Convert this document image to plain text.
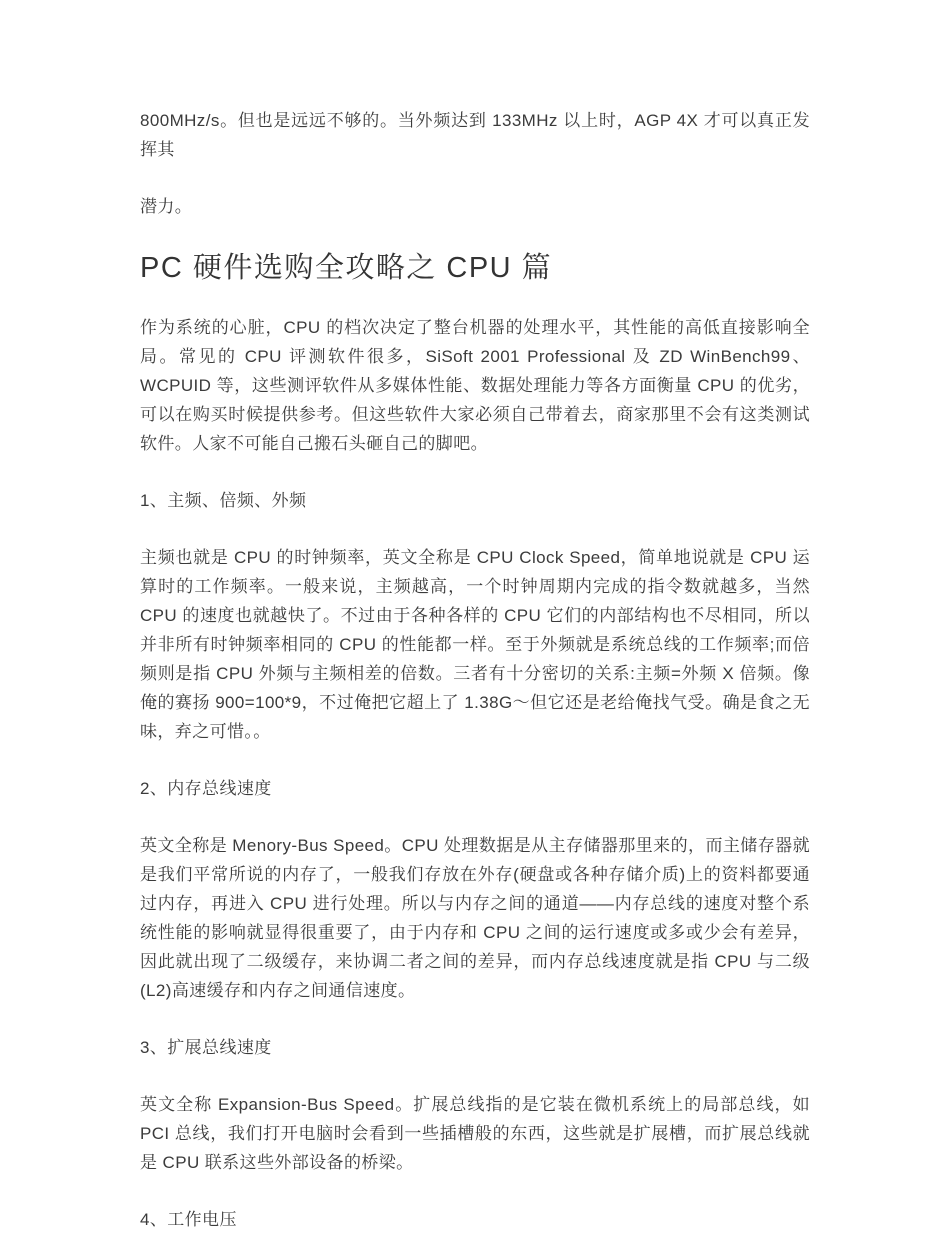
800MHz/s。但也是远远不够的。当外频达到 133MHz 以上时，AGP 4X 才可以真正发挥其

潜力。

PC 硬件选购全攻略之 CPU 篇

作为系统的心脏，CPU 的档次决定了整台机器的处理水平，其性能的高低直接影响全局。常见的 CPU 评测软件很多，SiSoft 2001 Professional 及 ZD WinBench99、WCPUID 等，这些测评软件从多媒体性能、数据处理能力等各方面衡量 CPU 的优劣，可以在购买时候提供参考。但这些软件大家必须自己带着去，商家那里不会有这类测试软件。人家不可能自己搬石头砸自己的脚吧。

1、主频、倍频、外频

主频也就是 CPU 的时钟频率，英文全称是 CPU Clock Speed，简单地说就是 CPU 运算时的工作频率。一般来说，主频越高，一个时钟周期内完成的指令数就越多，当然 CPU 的速度也就越快了。不过由于各种各样的 CPU 它们的内部结构也不尽相同，所以并非所有时钟频率相同的 CPU 的性能都一样。至于外频就是系统总线的工作频率;而倍频则是指 CPU 外频与主频相差的倍数。三者有十分密切的关系:主频=外频 X 倍频。像俺的赛扬 900=100*9，不过俺把它超上了 1.38G～但它还是老给俺找气受。确是食之无味，弃之可惜。。

2、内存总线速度

英文全称是 Menory-Bus Speed。CPU 处理数据是从主存储器那里来的，而主储存器就是我们平常所说的内存了，一般我们存放在外存(硬盘或各种存储介质)上的资料都要通过内存，再进入 CPU 进行处理。所以与内存之间的通道——内存总线的速度对整个系统性能的影响就显得很重要了，由于内存和 CPU 之间的运行速度或多或少会有差异，因此就出现了二级缓存，来协调二者之间的差异，而内存总线速度就是指 CPU 与二级(L2)高速缓存和内存之间通信速度。

3、扩展总线速度

英文全称 Expansion-Bus Speed。扩展总线指的是它装在微机系统上的局部总线，如 PCI 总线，我们打开电脑时会看到一些插槽般的东西，这些就是扩展槽，而扩展总线就是 CPU 联系这些外部设备的桥梁。

4、工作电压
